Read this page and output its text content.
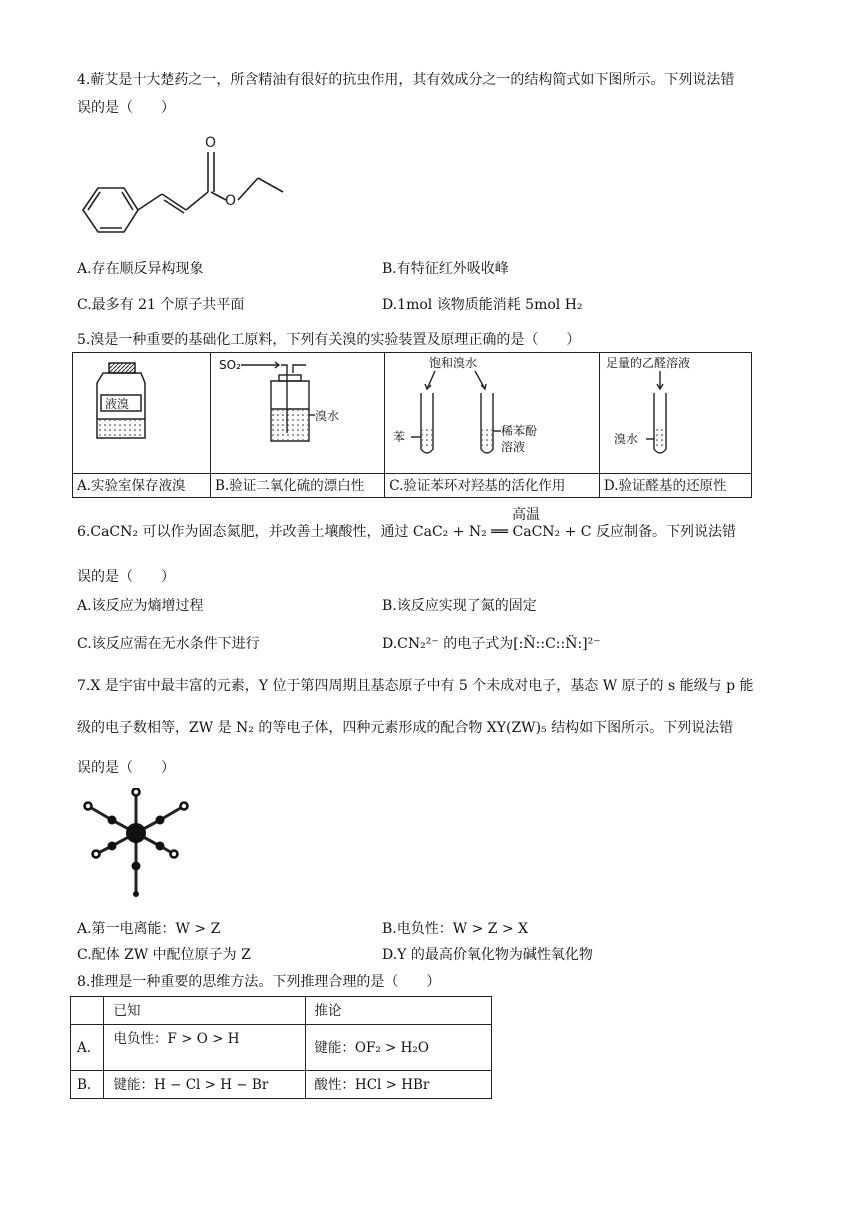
4.蕲艾是十大楚药之一，所含精油有很好的抗虫作用，其有效成分之一的结构简式如下图所示。下列说法错
误的是（　　）
O
O
A.存在顺反异构现象	B.有特征红外吸收峰
C.最多有 21 个原子共平面	D.1mol 该物质能消耗 5mol H₂
5.溴是一种重要的基础化工原料，下列有关溴的实验装置及原理正确的是（　　）
液溴	SO₂
溴水	饱和溴水
苯 稀苯酚
溶液	足量的乙醛溶液
溴水

A.实验室保存液溴	B.验证二氧化硫的漂白性	C.验证苯环对羟基的活化作用	D.验证醛基的还原性
高温
6.CaCN₂ 可以作为固态氮肥，并改善土壤酸性，通过 CaC₂ + N₂ ══ CaCN₂ + C 反应制备。下列说法错
误的是（　　）
A.该反应为熵增过程	B.该反应实现了氮的固定
C.该反应需在无水条件下进行	D.CN₂²⁻ 的电子式为[:N̈::C::N̈:]²⁻
7.X 是宇宙中最丰富的元素，Y 位于第四周期且基态原子中有 5 个未成对电子，基态 W 原子的 s 能级与 p 能
级的电子数相等，ZW 是 N₂ 的等电子体，四种元素形成的配合物 XY(ZW)₅ 结构如下图所示。下列说法错
误的是（　　）
A.第一电离能：W > Z	B.电负性：W > Z > X
C.配体 ZW 中配位原子为 Z	D.Y 的最高价氧化物为碱性氧化物
8.推理是一种重要的思维方法。下列推理合理的是（　　）
	已知	推论
A.	电负性：F > O > H	键能：OF₂ > H₂O
B.	键能：H − Cl > H − Br	酸性：HCl > HBr
